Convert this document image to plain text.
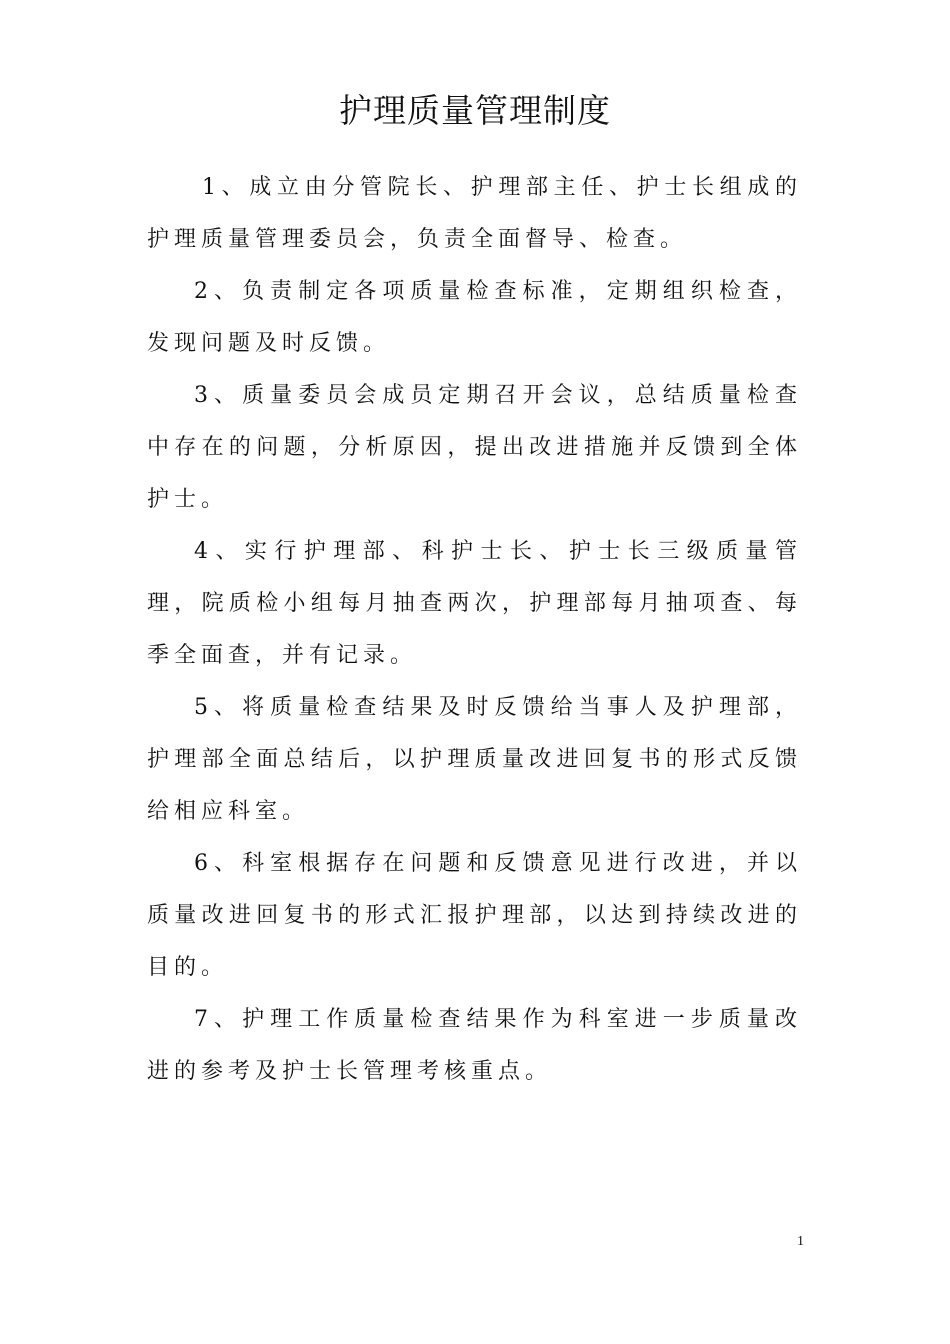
护理质量管理制度

1、成立由分管院长、护理部主任、护士长组成的护理质量管理委员会，负责全面督导、检查。

2、负责制定各项质量检查标准，定期组织检查，发现问题及时反馈。

3、质量委员会成员定期召开会议，总结质量检查中存在的问题，分析原因，提出改进措施并反馈到全体护士。

4、实行护理部、科护士长、护士长三级质量管理，院质检小组每月抽查两次，护理部每月抽项查、每季全面查，并有记录。

5、将质量检查结果及时反馈给当事人及护理部，护理部全面总结后，以护理质量改进回复书的形式反馈给相应科室。

6、科室根据存在问题和反馈意见进行改进，并以质量改进回复书的形式汇报护理部，以达到持续改进的目的。

7、护理工作质量检查结果作为科室进一步质量改进的参考及护士长管理考核重点。

1
